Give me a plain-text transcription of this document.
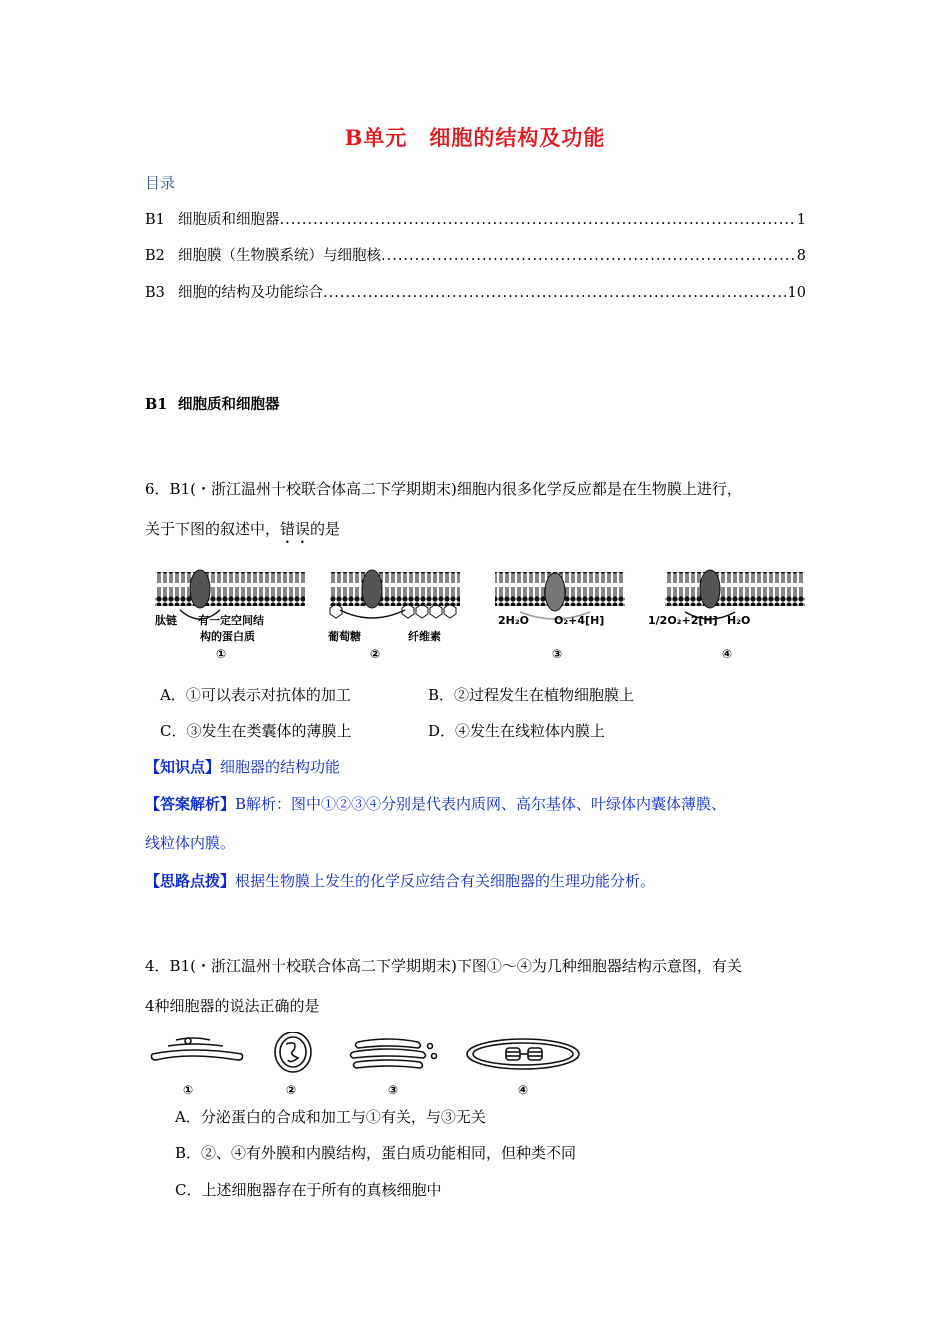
B单元　细胞的结构及功能
目录
B1 细胞质和细胞器 .....	1
B2 细胞膜（生物膜系统）与细胞核 .....	8
B3 细胞的结构及功能综合 .....	10
B1 细胞质和细胞器
6．B1(・浙江温州十校联合体高二下学期期末)细胞内很多化学反应都是在生物膜上进行，
关于下图的叙述中，错误的是
肽链 有一定空间结
构的蛋白质
①
葡萄糖	纤维素
②
2H₂O O₂+4[H]
③
1/2O₂+2[H] H₂O
④
A．①可以表示对抗体的加工	B．②过程发生在植物细胞膜上
C．③发生在类囊体的薄膜上	D．④发生在线粒体内膜上
【知识点】细胞器的结构功能
【答案解析】B解析：图中①②③④分别是代表内质网、高尔基体、叶绿体内囊体薄膜、
线粒体内膜。
【思路点拨】根据生物膜上发生的化学反应结合有关细胞器的生理功能分析。
4．B1(・浙江温州十校联合体高二下学期期末)下图①～④为几种细胞器结构示意图，有关
4种细胞器的说法正确的是
①	②	③	④
A．分泌蛋白的合成和加工与①有关，与③无关
B．②、④有外膜和内膜结构，蛋白质功能相同，但种类不同
C．上述细胞器存在于所有的真核细胞中
